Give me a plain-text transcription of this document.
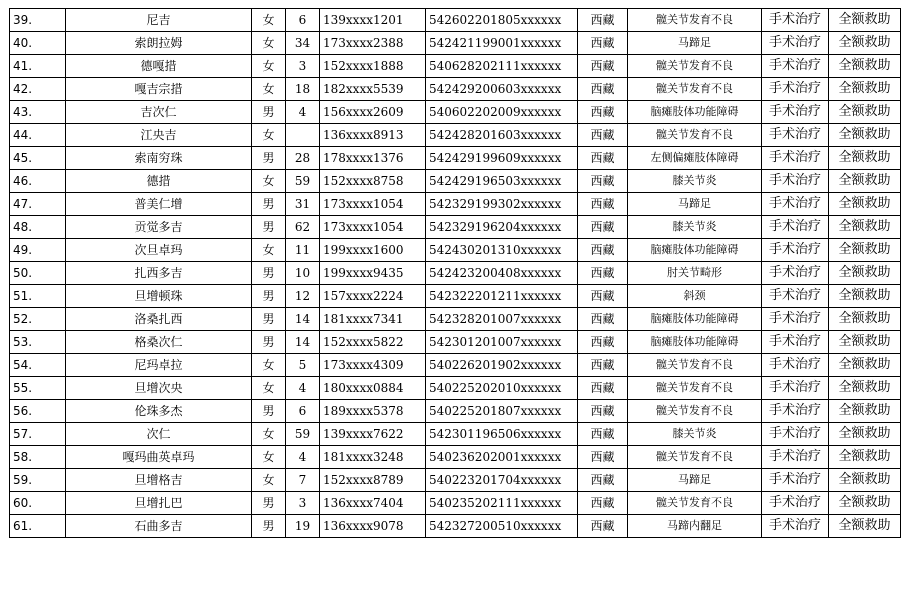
39.	尼吉	女	6	139xxxx1201	542602201805xxxxxx	西藏	髋关节发育不良	手术治疗	全额救助
40.	索朗拉姆	女	34	173xxxx2388	542421199001xxxxxx	西藏	马蹄足	手术治疗	全额救助
41.	德嘎措	女	3	152xxxx1888	540628202111xxxxxx	西藏	髋关节发育不良	手术治疗	全额救助
42.	嘎吉宗措	女	18	182xxxx5539	542429200603xxxxxx	西藏	髋关节发育不良	手术治疗	全额救助
43.	吉次仁	男	4	156xxxx2609	540602202009xxxxxx	西藏	脑瘫肢体功能障碍	手术治疗	全额救助
44.	江央吉	女		136xxxx8913	542428201603xxxxxx	西藏	髋关节发育不良	手术治疗	全额救助
45.	索南穷珠	男	28	178xxxx1376	542429199609xxxxxx	西藏	左侧偏瘫肢体障碍	手术治疗	全额救助
46.	德措	女	59	152xxxx8758	542429196503xxxxxx	西藏	膝关节炎	手术治疗	全额救助
47.	普美仁增	男	31	173xxxx1054	542329199302xxxxxx	西藏	马蹄足	手术治疗	全额救助
48.	贡觉多吉	男	62	173xxxx1054	542329196204xxxxxx	西藏	膝关节炎	手术治疗	全额救助
49.	次旦卓玛	女	11	199xxxx1600	542430201310xxxxxx	西藏	脑瘫肢体功能障碍	手术治疗	全额救助
50.	扎西多吉	男	10	199xxxx9435	542423200408xxxxxx	西藏	肘关节畸形	手术治疗	全额救助
51.	旦增顿珠	男	12	157xxxx2224	542322201211xxxxxx	西藏	斜颈	手术治疗	全额救助
52.	洛桑扎西	男	14	181xxxx7341	542328201007xxxxxx	西藏	脑瘫肢体功能障碍	手术治疗	全额救助
53.	格桑次仁	男	14	152xxxx5822	542301201007xxxxxx	西藏	脑瘫肢体功能障碍	手术治疗	全额救助
54.	尼玛卓拉	女	5	173xxxx4309	540226201902xxxxxx	西藏	髋关节发育不良	手术治疗	全额救助
55.	旦增次央	女	4	180xxxx0884	540225202010xxxxxx	西藏	髋关节发育不良	手术治疗	全额救助
56.	伦珠多杰	男	6	189xxxx5378	540225201807xxxxxx	西藏	髋关节发育不良	手术治疗	全额救助
57.	次仁	女	59	139xxxx7622	542301196506xxxxxx	西藏	膝关节炎	手术治疗	全额救助
58.	嘎玛曲英卓玛	女	4	181xxxx3248	540236202001xxxxxx	西藏	髋关节发育不良	手术治疗	全额救助
59.	旦增格吉	女	7	152xxxx8789	540223201704xxxxxx	西藏	马蹄足	手术治疗	全额救助
60.	旦增扎巴	男	3	136xxxx7404	540235202111xxxxxx	西藏	髋关节发育不良	手术治疗	全额救助
61.	石曲多吉	男	19	136xxxx9078	542327200510xxxxxx	西藏	马蹄内翻足	手术治疗	全额救助
